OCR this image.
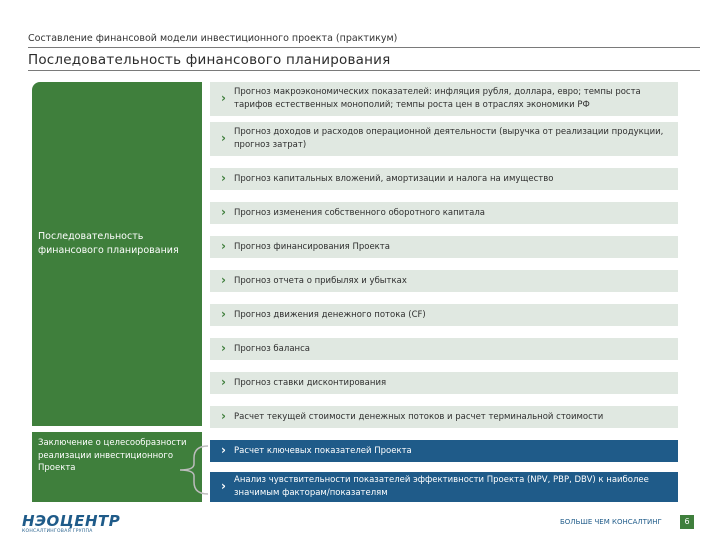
Составление финансовой модели инвестиционного проекта (практикум)
Последовательность финансового планирования
Последовательность финансового планирования
Заключение о целесообразности реализации инвестиционного Проекта
› Прогноз макроэкономических показателей: инфляция рубля, доллара, евро; темпы роста тарифов естественных монополий; темпы роста цен в отраслях экономики РФ
› Прогноз доходов и расходов операционной деятельности (выручка от реализации продукции, прогноз затрат)
› Прогноз капитальных вложений, амортизации и налога на имущество
› Прогноз изменения собственного оборотного капитала
› Прогноз финансирования Проекта
› Прогноз отчета о прибылях и убытках
› Прогноз движения денежного потока (CF)
› Прогноз баланса
› Прогноз ставки дисконтирования
› Расчет текущей стоимости денежных потоков и расчет терминальной стоимости
› Расчет ключевых показателей Проекта
› Анализ чувствительности показателей эффективности Проекта (NPV, PBP, DBV) к наиболее значимым факторам/показателям
НЭОЦЕНТР
КОНСАЛТИНГОВАЯ ГРУППА
БОЛЬШЕ ЧЕМ КОНСАЛТИНГ	6
